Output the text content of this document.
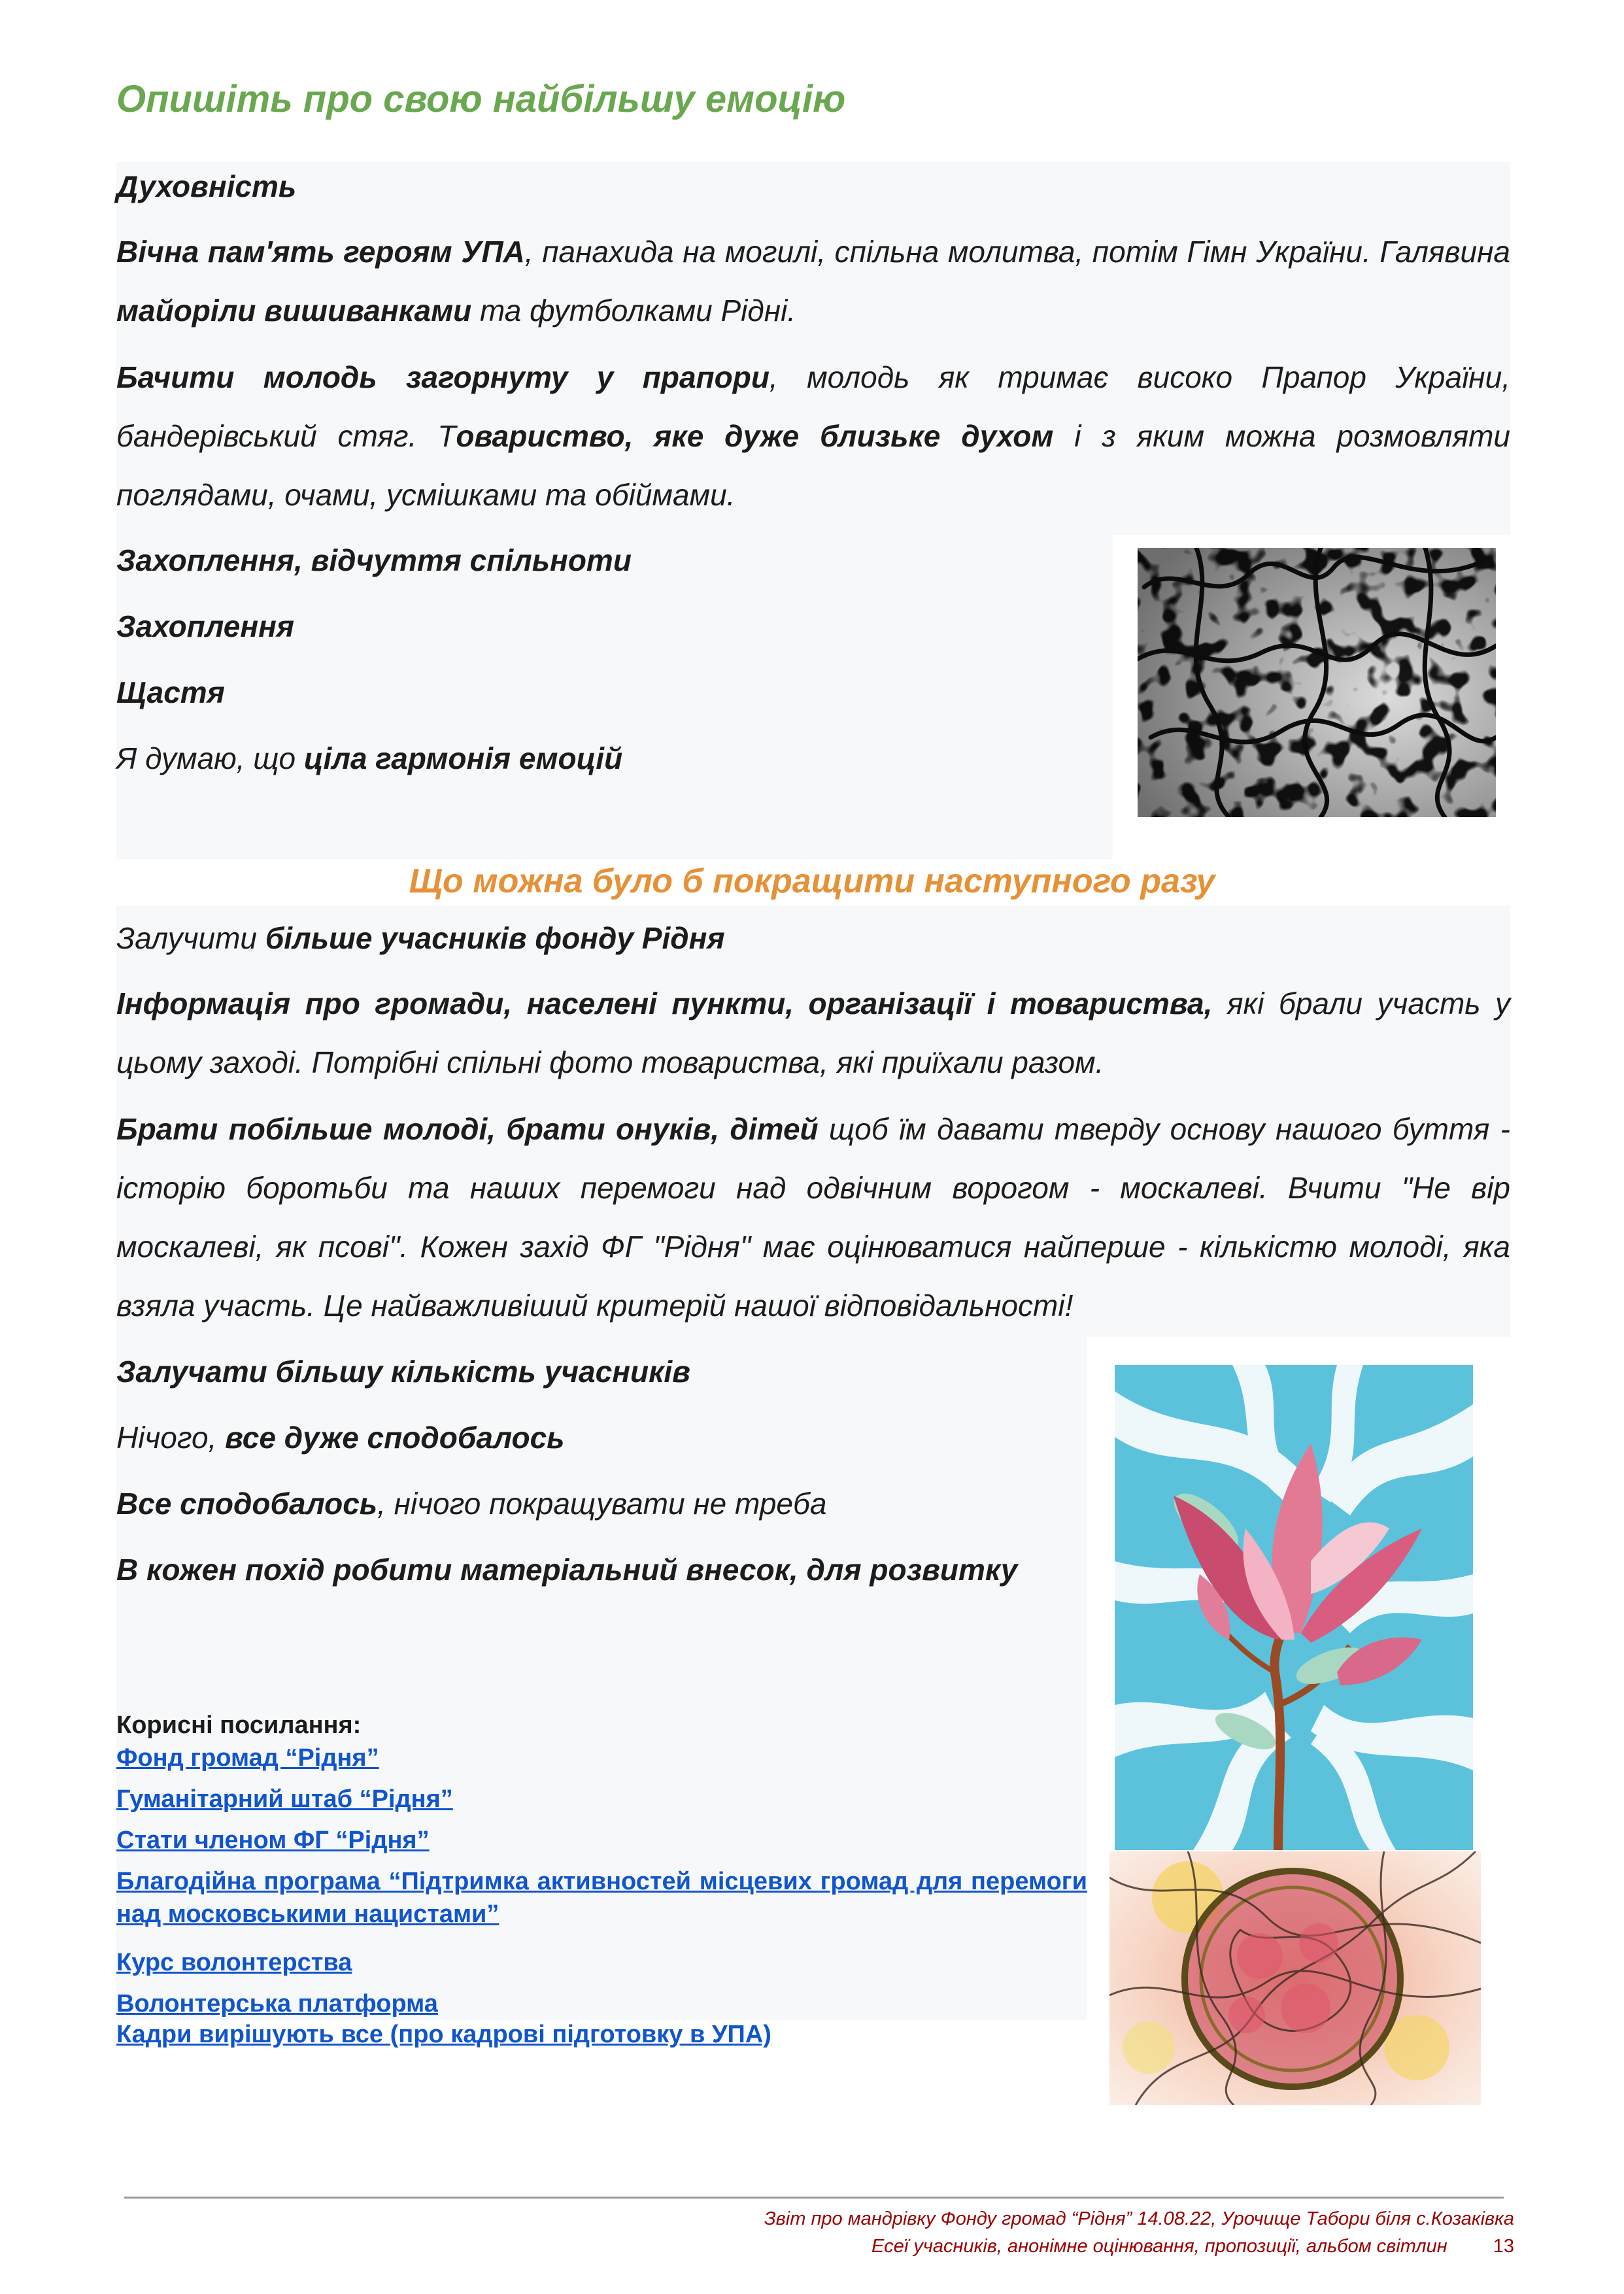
Опишіть про свою найбільшу емоцію
Духовність
Вічна пам'ять героям УПА, панахида на могилі, спільна молитва, потім Гімн України. Галявина майоріли вишиванками та футболками Рідні.
Бачити молодь загорнуту у прапори, молодь як тримає високо Прапор України, бандерівський стяг. Товариство, яке дуже близьке духом і з яким можна розмовляти поглядами, очами, усмішками та обіймами.
Захоплення, відчуття спільноти
Захоплення
Щастя
Я думаю, що ціла гармонія емоцій
Що можна було б покращити наступного разу
Залучити більше учасників фонду Рідня
Інформація про громади, населені пункти, організації і товариства, які брали участь у цьому заході. Потрібні спільні фото товариства, які приїхали разом.
Брати побільше молоді, брати онуків, дітей щоб їм давати тверду основу нашого буття - історію боротьби та наших перемоги над одвічним ворогом - москалеві. Вчити "Не вір москалеві, як псові". Кожен захід ФГ "Рідня" має оцінюватися найперше - кількістю молоді, яка взяла участь. Це найважливіший критерій нашої відповідальності!
Залучати більшу кількість учасників
Нічого, все дуже сподобалось
Все сподобалось, нічого покращувати не треба
В кожен похід робити матеріальний внесок, для розвитку
Корисні посилання:
Фонд громад “Рідня”
Гуманітарний штаб “Рідня”
Стати членом ФГ “Рідня”
Благодійна програма “Підтримка активностей місцевих громад для перемоги над московськими нацистами”
Курс волонтерства
Волонтерська платформа
Кадри вирішують все (про кадрові підготовку в УПА)
Звіт про мандрівку Фонду громад “Рідня” 14.08.22, Урочище Табори біля с.Козаківка
Есеї учасників, анонімне оцінювання, пропозиції, альбом світлин 13
